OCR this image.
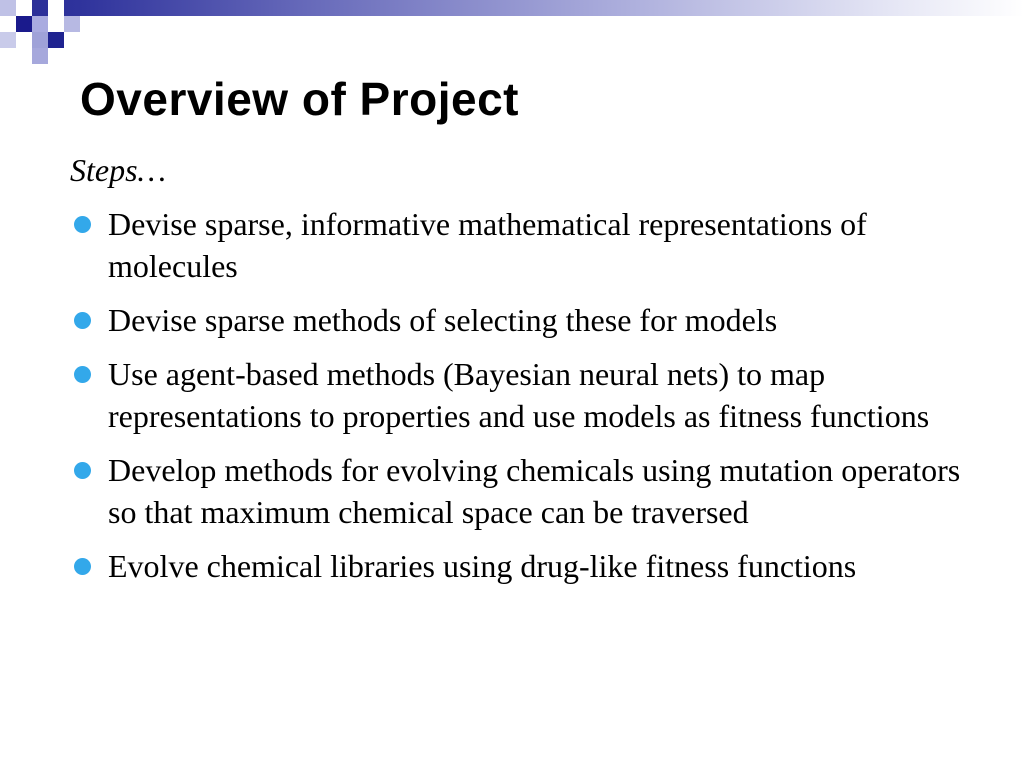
Overview of Project
Steps…
Devise sparse, informative mathematical representations of molecules
Devise sparse methods of selecting these for models
Use agent-based methods (Bayesian neural nets) to map representations to properties and use models as fitness functions
Develop methods for evolving chemicals using mutation operators so that maximum chemical space can be traversed
Evolve chemical libraries using drug-like fitness functions
